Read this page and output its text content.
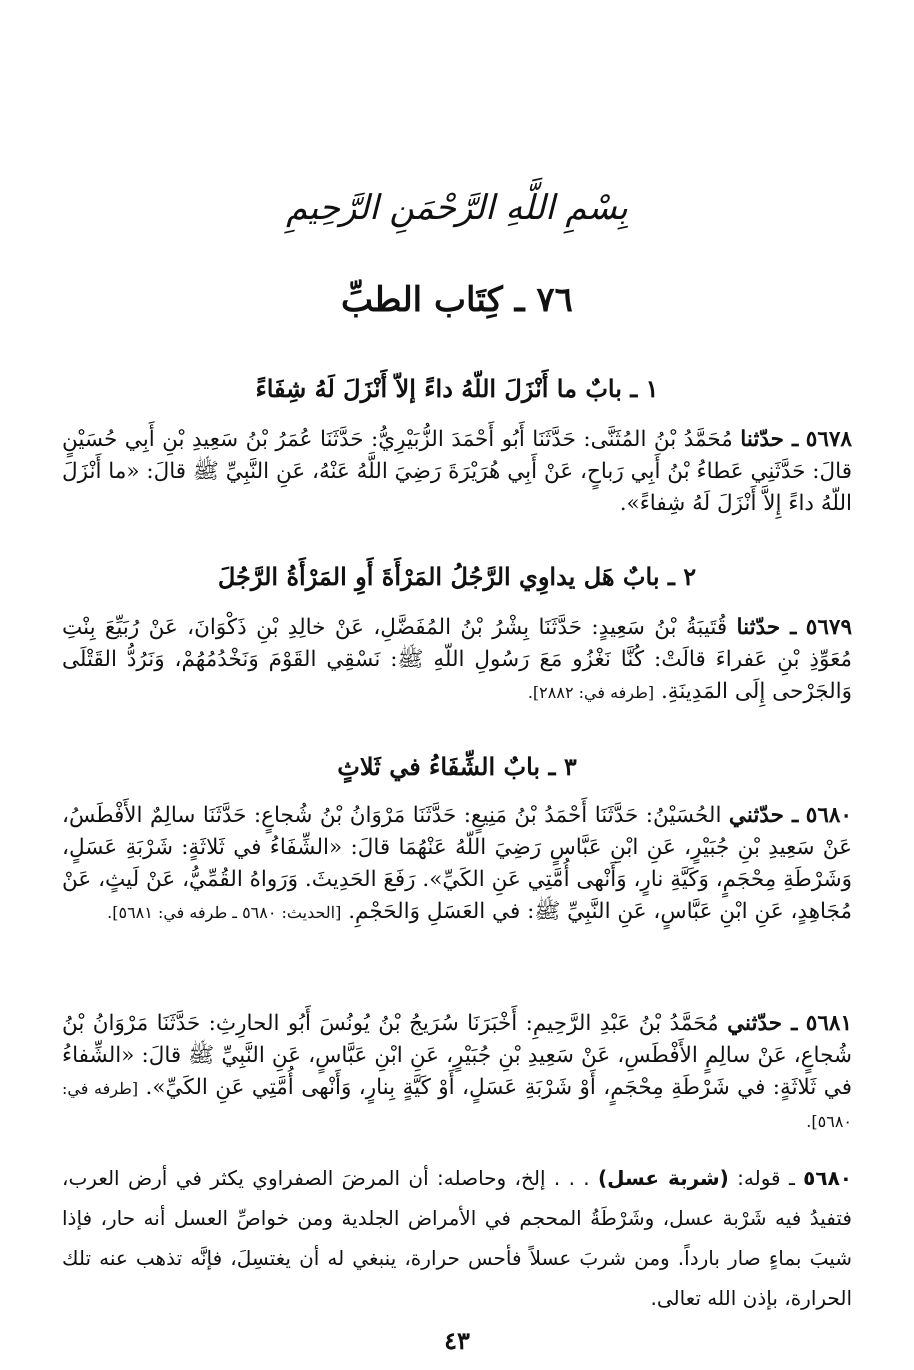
بِسْمِ اللَّهِ الرَّحْمَنِ الرَّحِيمِ
٧٦ ـ كِتَاب الطبِّ
١ ـ بابٌ ما أَنْزَلَ اللّهُ داءً إلاّ أَنْزَلَ لَهُ شِفَاءً
٥٦٧٨ ـ حدّثنا مُحَمَّدُ بْنُ المُثَنَّى: حَدَّثَنَا أَبُو أَحْمَدَ الزُّبَيْرِيُّ: حَدَّثَنَا عُمَرُ بْنُ سَعِيدِ بْنِ أَبِي حُسَيْنٍ قالَ: حَدَّثَنِي عَطاءُ بْنُ أَبِي رَباحٍ، عَنْ أَبِي هُرَيْرَةَ رَضِيَ اللَّهُ عَنْهُ، عَنِ النَّبِيِّ ﷺ قالَ: «ما أَنْزَلَ اللّهُ داءً إِلاَّ أَنْزَلَ لَهُ شِفاءً».
٢ ـ بابٌ هَل يداوِي الرَّجُلُ المَرْأَةَ أَوِ المَرْأَةُ الرَّجُلَ
٥٦٧٩ ـ حدّثنا قُتَيبَةُ بْنُ سَعِيدٍ: حَدَّثَنَا بِشْرُ بْنُ المُفَضَّلِ، عَنْ خالِدِ بْنِ ذَكْوَانَ، عَنْ رُبَيِّعَ بِنْتِ مُعَوِّذِ بْنِ عَفراءَ قالَتْ: كُنَّا نَغْزُو مَعَ رَسُولِ اللّهِ ﷺ: نَسْقِي القَوْمَ وَنَخْدُمُهُمْ، وَنَرُدُّ القَتْلَى وَالجَرْحى إِلَى المَدِينَةِ. [طرفه في: ٢٨٨٢].
٣ ـ بابٌ الشِّفَاءُ في ثَلاثٍ
٥٦٨٠ ـ حدّثني الحُسَيْنُ: حَدَّثَنَا أَحْمَدُ بْنُ مَنِيعٍ: حَدَّثَنَا مَرْوَانُ بْنُ شُجاعٍ: حَدَّثَنَا سالِمٌ الأَفْطَسُ، عَنْ سَعِيدِ بْنِ جُبَيْرٍ، عَنِ ابْنِ عَبَّاسٍ رَضِيَ اللّهُ عَنْهُمَا قالَ: «الشِّفَاءُ في ثَلاثَةٍ: شَرْبَةِ عَسَلٍ، وَشَرْطَةِ مِحْجَمٍ، وَكَيَّةِ نارٍ، وَأَنْهى أُمَّتِي عَنِ الكَيِّ». رَفَعَ الحَدِيثَ. وَرَواهُ القُمِّيُّ، عَنْ لَيثٍ، عَنْ مُجَاهِدٍ، عَنِ ابْنِ عَبَّاسٍ، عَنِ النَّبِيِّ ﷺ: في العَسَلِ وَالحَجْمِ. [الحديث: ٥٦٨٠ ـ طرفه في: ٥٦٨١].
٥٦٨١ ـ حدّثني مُحَمَّدُ بْنُ عَبْدِ الرَّحِيمِ: أَخْبَرَنَا سُرَيجُ بْنُ يُونُسَ أَبُو الحارِثِ: حَدَّثَنَا مَرْوَانُ بْنُ شُجاعٍ، عَنْ سالِمٍ الأَفْطَسِ، عَنْ سَعِيدِ بْنِ جُبَيْرٍ، عَنِ ابْنِ عَبَّاسٍ، عَنِ النَّبِيِّ ﷺ قالَ: «الشِّفاءُ في ثَلاثَةٍ: في شَرْطَةِ مِحْجَمٍ، أَوْ شَرْبَةِ عَسَلٍ، أَوْ كَيَّةٍ بِنارٍ، وَأَنْهى أُمَّتِي عَنِ الكَيِّ». [طرفه في: ٥٦٨٠].
٥٦٨٠ ـ قوله: (شربة عسل) . . . إلخ، وحاصله: أن المرضَ الصفراوي يكثر في أرض العرب، فتفيدُ فيه شَرْبة عسل، وشَرْطَةُ المحجم في الأمراض الجلدية ومن خواصِّ العسل أنه حار، فإذا شيبَ بماءٍ صار بارداً. ومن شربَ عسلاً فأحس حرارة، ينبغي له أن يغتسِلَ، فإنَّه تذهب عنه تلك الحرارة، بإذن الله تعالى.
٤٣
